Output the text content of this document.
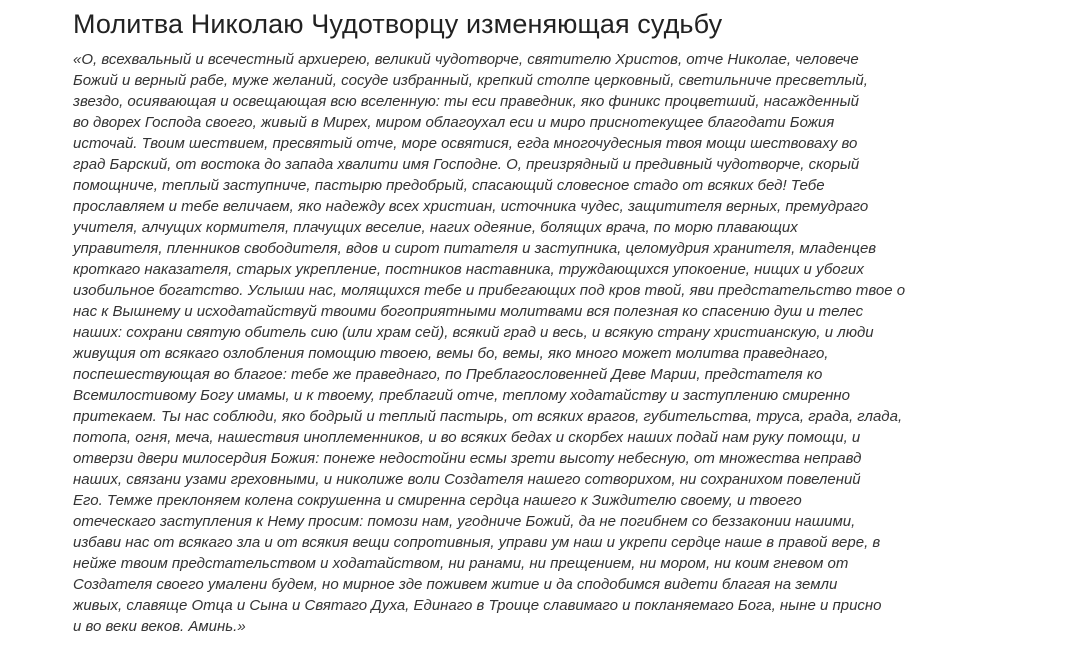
Молитва Николаю Чудотворцу изменяющая судьбу

«О, всехвальный и всечестный архиерею, великий чудотворче, святителю Христов, отче Николае, человече
Божий и верный рабе, муже желаний, сосуде избранный, крепкий столпе церковный, светильниче пресветлый,
звездо, осиявающая и освещающая всю вселенную: ты еси праведник, яко финикс процветший, насажденный
во дворех Господа своего, живый в Мирех, миром облагоухал еси и миро приснотекущее благодати Божия
источай. Твоим шествием, пресвятый отче, море освятися, егда многочудесныя твоя мощи шествоваху во
град Барский, от востока до запада хвалити имя Господне. О, преизрядный и предивный чудотворче, скорый
помощниче, теплый заступниче, пастырю предобрый, спасающий словесное стадо от всяких бед! Тебе
прославляем и тебе величаем, яко надежду всех христиан, источника чудес, защитителя верных, премудраго
учителя, алчущих кормителя, плачущих веселие, нагих одеяние, болящих врача, по морю плавающих
управителя, пленников свободителя, вдов и сирот питателя и заступника, целомудрия хранителя, младенцев
кроткаго наказателя, старых укрепление, постников наставника, труждающихся упокоение, нищих и убогих
изобильное богатство. Услыши нас, молящихся тебе и прибегающих под кров твой, яви предстательство твое о
нас к Вышнему и исходатайствуй твоими богоприятными молитвами вся полезная ко спасению душ и телес
наших: сохрани святую обитель сию (или храм сей), всякий град и весь, и всякую страну христианскую, и люди
живущия от всякаго озлобления помощию твоею, вемы бо, вемы, яко много может молитва праведнаго,
поспешествующая во благое: тебе же праведнаго, по Преблагословенней Деве Марии, предстателя ко
Всемилостивому Богу имамы, и к твоему, преблагий отче, теплому ходатайству и заступлению смиренно
притекаем. Ты нас соблюди, яко бодрый и теплый пастырь, от всяких врагов, губительства, труса, града, глада,
потопа, огня, меча, нашествия иноплеменников, и во всяких бедах и скорбех наших подай нам руку помощи, и
отверзи двери милосердия Божия: понеже недостойни есмы зрети высоту небесную, от множества неправд
наших, связани узами греховными, и николиже воли Создателя нашего сотворихом, ни сохранихом повелений
Его. Темже преклоняем колена сокрушенна и смиренна сердца нашего к Зиждителю своему, и твоего
отеческаго заступления к Нему просим: помози нам, угодниче Божий, да не погибнем со беззаконии нашими,
избави нас от всякаго зла и от всякия вещи сопротивныя, управи ум наш и укрепи сердце наше в правой вере, в
нейже твоим предстательством и ходатайством, ни ранами, ни прещением, ни мором, ни коим гневом от
Создателя своего умалени будем, но мирное зде поживем житие и да сподобимся видети благая на земли
живых, славяще Отца и Сына и Святаго Духа, Единаго в Троице славимаго и покланяемаго Бога, ныне и присно
и во веки веков. Аминь.»
